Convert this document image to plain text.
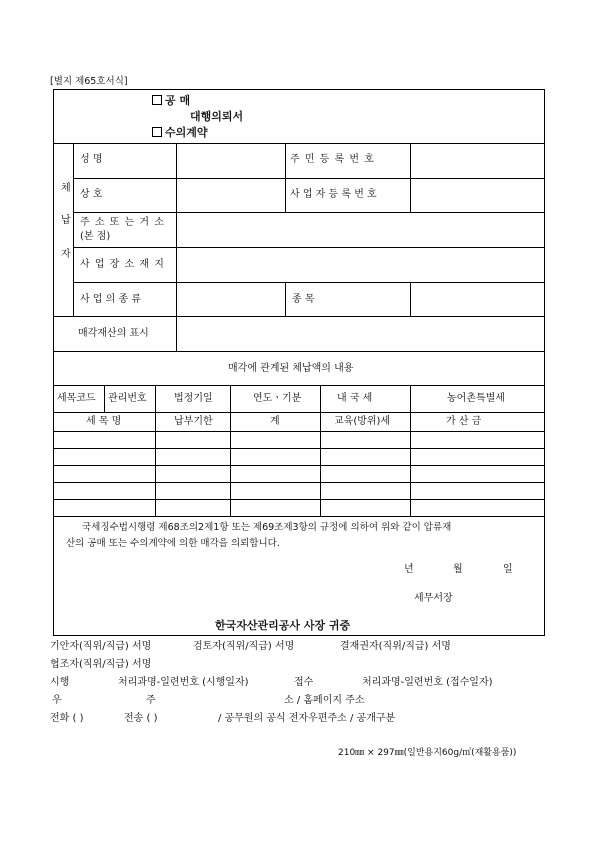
[별지 제65호서식]
공 매
대행의뢰서
수의계약
체
납
자
성 명	주 민 등 록 번 호
상 호	사 업 자 등 록 번 호
주 소 또 는 거 소
(본 점)
사 업 장 소 재 지
사 업 의 종 류	종 목
매각재산의 표시
매각에 관계된 체납액의 내용
세목코드 관리번호	법정기일	연도ㆍ기분	내 국 세	농어촌특별세
세 목 명	납부기한	계	교육(방위)세	가 산 금
국세징수법시행령 제68조의2제1항 또는 제69조제3항의 규정에 의하여 위와 같이 압류재
산의 공매 또는 수의계약에 의한 매각을 의뢰합니다.
년	월	일
세무서장
한국자산관리공사 사장 귀중
기안자(직위/직급) 서명	검토자(직위/직급) 서명	결재권자(직위/직급) 서명
협조자(직위/직급) 서명
시행	처리과명-일련번호 (시행일자)	접수	처리과명-일련번호 (접수일자)
우	주	소 / 홈페이지 주소
전화 ( )	전송 ( )	/ 공무원의 공식 전자우편주소 / 공개구분
210㎜ × 297㎜(일반용지60g/㎡(재활용품))
